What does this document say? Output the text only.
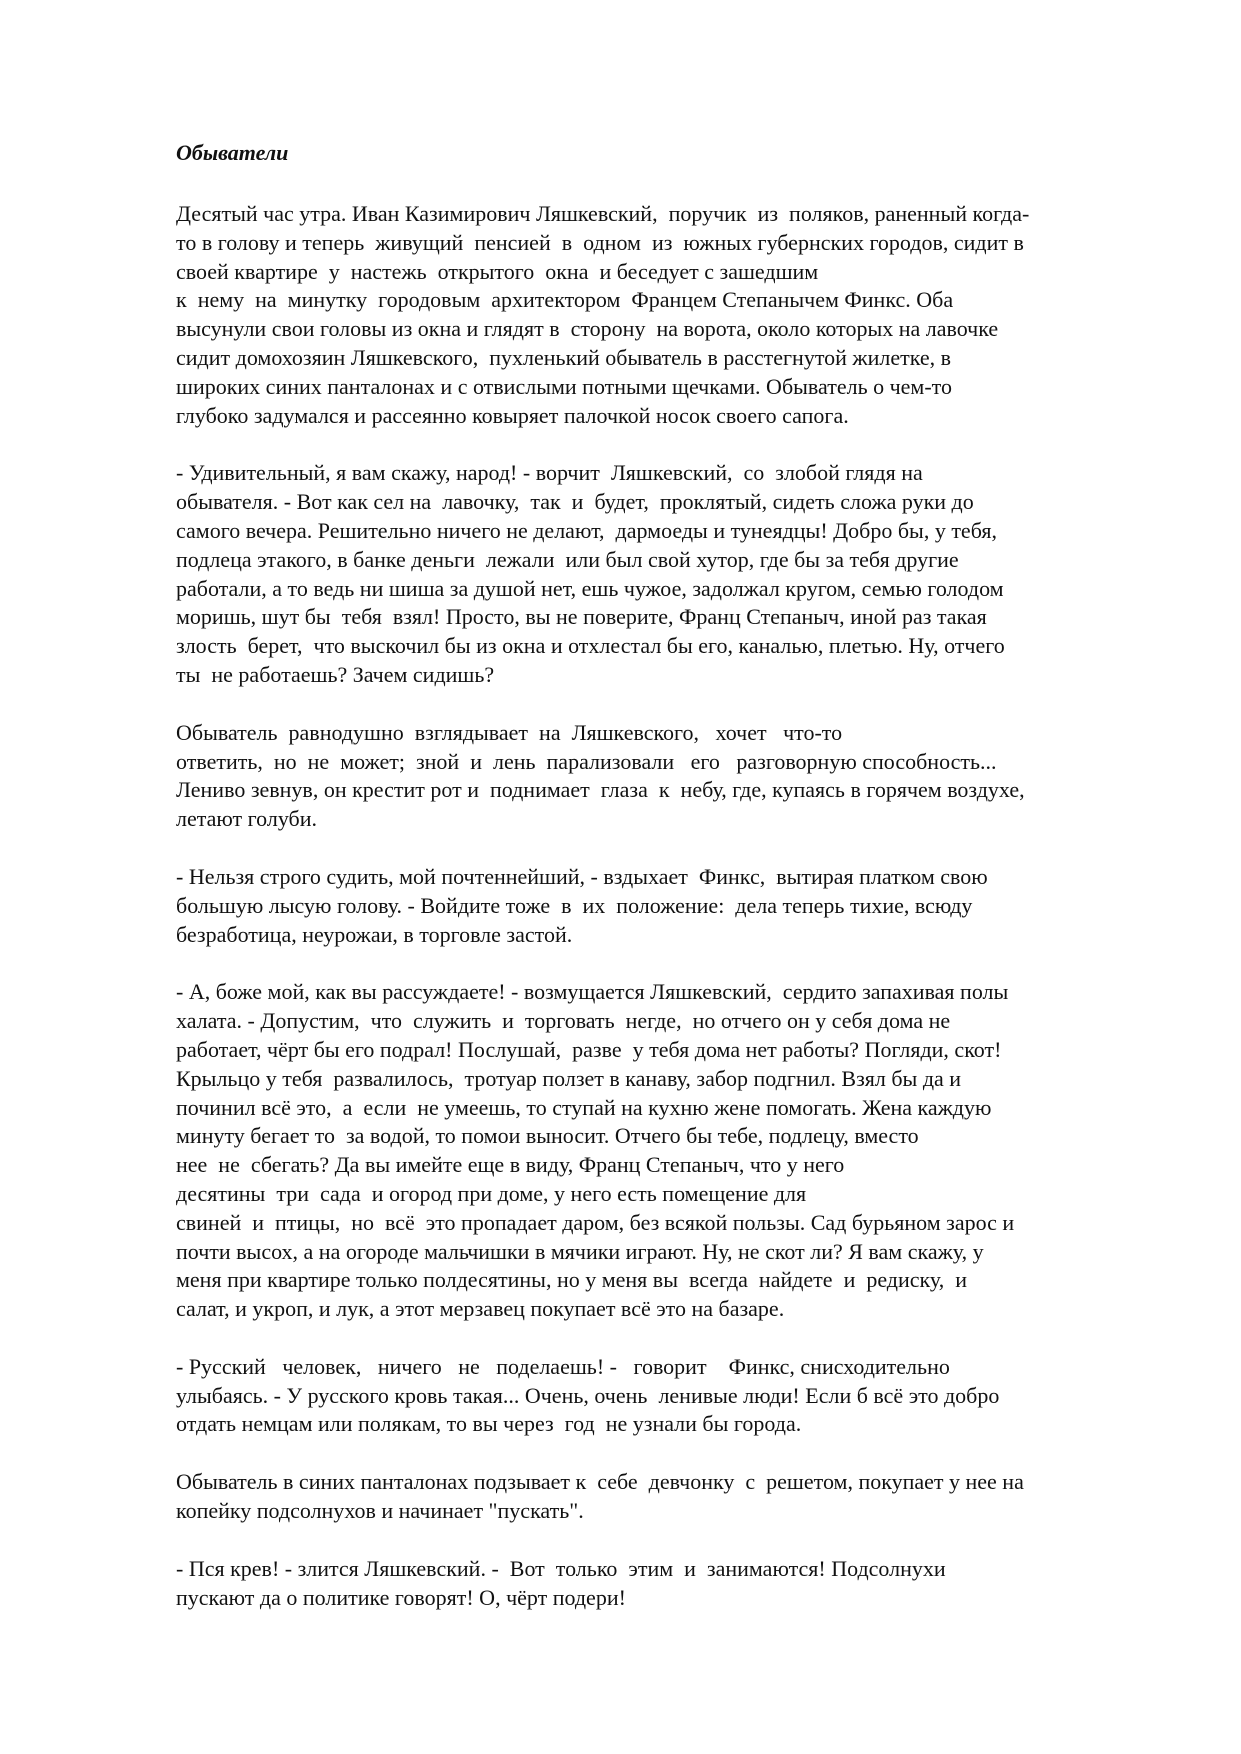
Обыватели

Десятый час утра. Иван Казимирович Ляшкевский,  поручик  из  поляков, раненный когда-
то в голову и теперь  живущий  пенсией  в  одном  из  южных губернских городов, сидит в
своей квартире  у  настежь  открытого  окна  и беседует с зашедшим
к  нему  на  минутку  городовым  архитектором  Францем Степанычем Финкс. Оба
высунули свои головы из окна и глядят в  сторону  на ворота, около которых на лавочке
сидит домохозяин Ляшкевского,  пухленький обыватель в расстегнутой жилетке, в
широких синих панталонах и с отвислыми потными щечками. Обыватель о чем-то
глубоко задумался и рассеянно ковыряет палочкой носок своего сапога.

- Удивительный, я вам скажу, народ! - ворчит  Ляшкевский,  со  злобой глядя на
обывателя. - Вот как сел на  лавочку,  так  и  будет,  проклятый, сидеть сложа руки до
самого вечера. Решительно ничего не делают,  дармоеды и тунеядцы! Добро бы, у тебя,
подлеца этакого, в банке деньги  лежали  или был свой хутор, где бы за тебя другие
работали, а то ведь ни шиша за душой нет, ешь чужое, задолжал кругом, семью голодом
моришь, шут бы  тебя  взял! Просто, вы не поверите, Франц Степаныч, иной раз такая
злость  берет,  что выскочил бы из окна и отхлестал бы его, каналью, плетью. Ну, отчего
ты  не работаешь? Зачем сидишь?

Обыватель  равнодушно  взглядывает  на  Ляшкевского,   хочет   что-то
ответить,  но  не  может;  зной  и  лень  парализовали   его   разговорную способность...
Лениво зевнув, он крестит рот и  поднимает  глаза  к  небу, где, купаясь в горячем воздухе,
летают голуби.

- Нельзя строго судить, мой почтеннейший, - вздыхает  Финкс,  вытирая платком свою
большую лысую голову. - Войдите тоже  в  их  положение:  дела теперь тихие, всюду
безработица, неурожаи, в торговле застой.

- А, боже мой, как вы рассуждаете! - возмущается Ляшкевский,  сердито запахивая полы
халата. - Допустим,  что  служить  и  торговать  негде,  но отчего он у себя дома не
работает, чёрт бы его подрал! Послушай,  разве  у тебя дома нет работы? Погляди, скот!
Крыльцо у тебя  развалилось,  тротуар ползет в канаву, забор подгнил. Взял бы да и
починил всё это,  а  если  не умеешь, то ступай на кухню жене помогать. Жена каждую
минуту бегает то  за водой, то помои выносит. Отчего бы тебе, подлецу, вместо
нее  не  сбегать? Да вы имейте еще в виду, Франц Степаныч, что у него
десятины  три  сада  и огород при доме, у него есть помещение для
свиней  и  птицы,  но  всё  это пропадает даром, без всякой пользы. Сад бурьяном зарос и
почти высох, а на огороде мальчишки в мячики играют. Ну, не скот ли? Я вам скажу, у
меня при квартире только полдесятины, но у меня вы  всегда  найдете  и  редиску,  и
салат, и укроп, и лук, а этот мерзавец покупает всё это на базаре.

- Русский   человек,   ничего   не   поделаешь! -   говорит    Финкс, снисходительно
улыбаясь. - У русского кровь такая... Очень, очень  ленивые люди! Если б всё это добро
отдать немцам или полякам, то вы через  год  не узнали бы города.

Обыватель в синих панталонах подзывает к  себе  девчонку  с  решетом, покупает у нее на
копейку подсолнухов и начинает "пускать".

- Пся крев! - злится Ляшкевский. -  Вот  только  этим  и  занимаются! Подсолнухи
пускают да о политике говорят! О, чёрт подери!
